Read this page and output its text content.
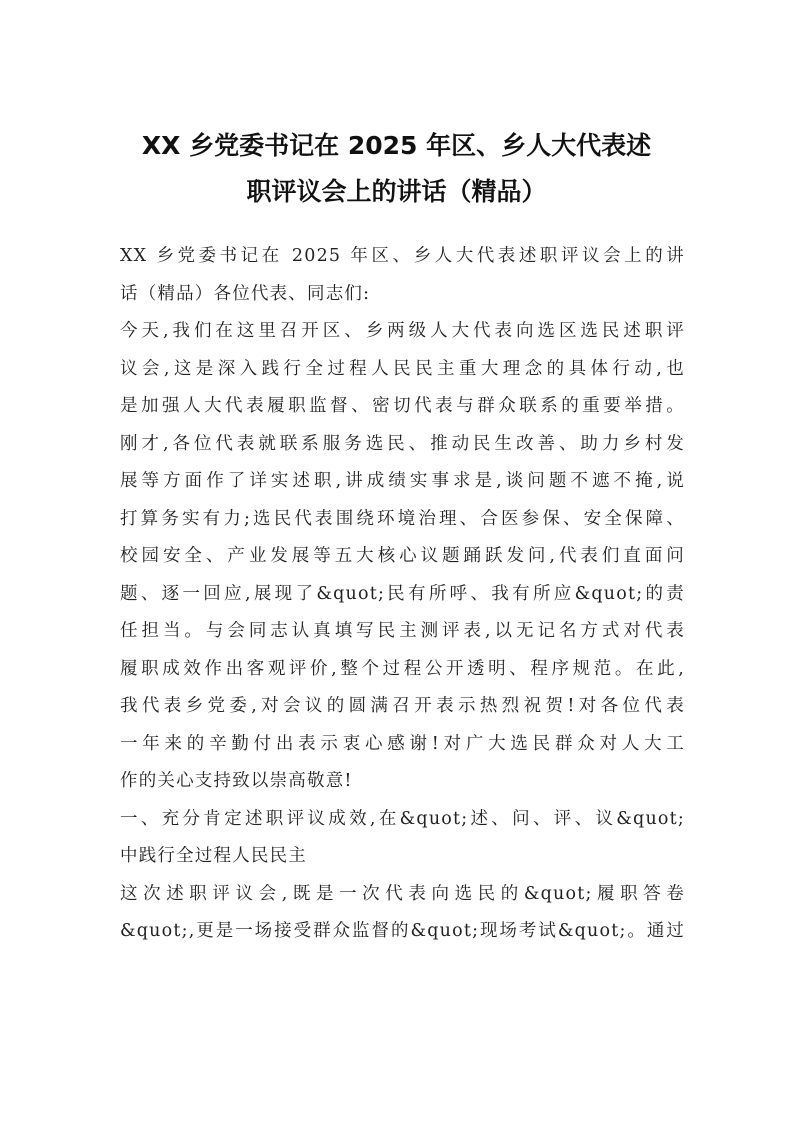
XX 乡党委书记在 2025 年区、乡人大代表述
职评议会上的讲话（精品）
XX 乡党委书记在 2025 年区、乡人大代表述职评议会上的讲
话（精品）各位代表、同志们:
今天,我们在这里召开区、乡两级人大代表向选区选民述职评
议会,这是深入践行全过程人民民主重大理念的具体行动,也
是加强人大代表履职监督、密切代表与群众联系的重要举措。
刚才,各位代表就联系服务选民、推动民生改善、助力乡村发
展等方面作了详实述职,讲成绩实事求是,谈问题不遮不掩,说
打算务实有力;选民代表围绕环境治理、合医参保、安全保障、
校园安全、产业发展等五大核心议题踊跃发问,代表们直面问
题、逐一回应,展现了&quot;民有所呼、我有所应&quot;的责
任担当。与会同志认真填写民主测评表,以无记名方式对代表
履职成效作出客观评价,整个过程公开透明、程序规范。在此,
我代表乡党委,对会议的圆满召开表示热烈祝贺!对各位代表
一年来的辛勤付出表示衷心感谢!对广大选民群众对人大工
作的关心支持致以崇高敬意!
一、充分肯定述职评议成效,在&quot;述、问、评、议&quot;
中践行全过程人民民主
这次述职评议会,既是一次代表向选民的&quot;履职答卷
&quot;,更是一场接受群众监督的&quot;现场考试&quot;。通过
